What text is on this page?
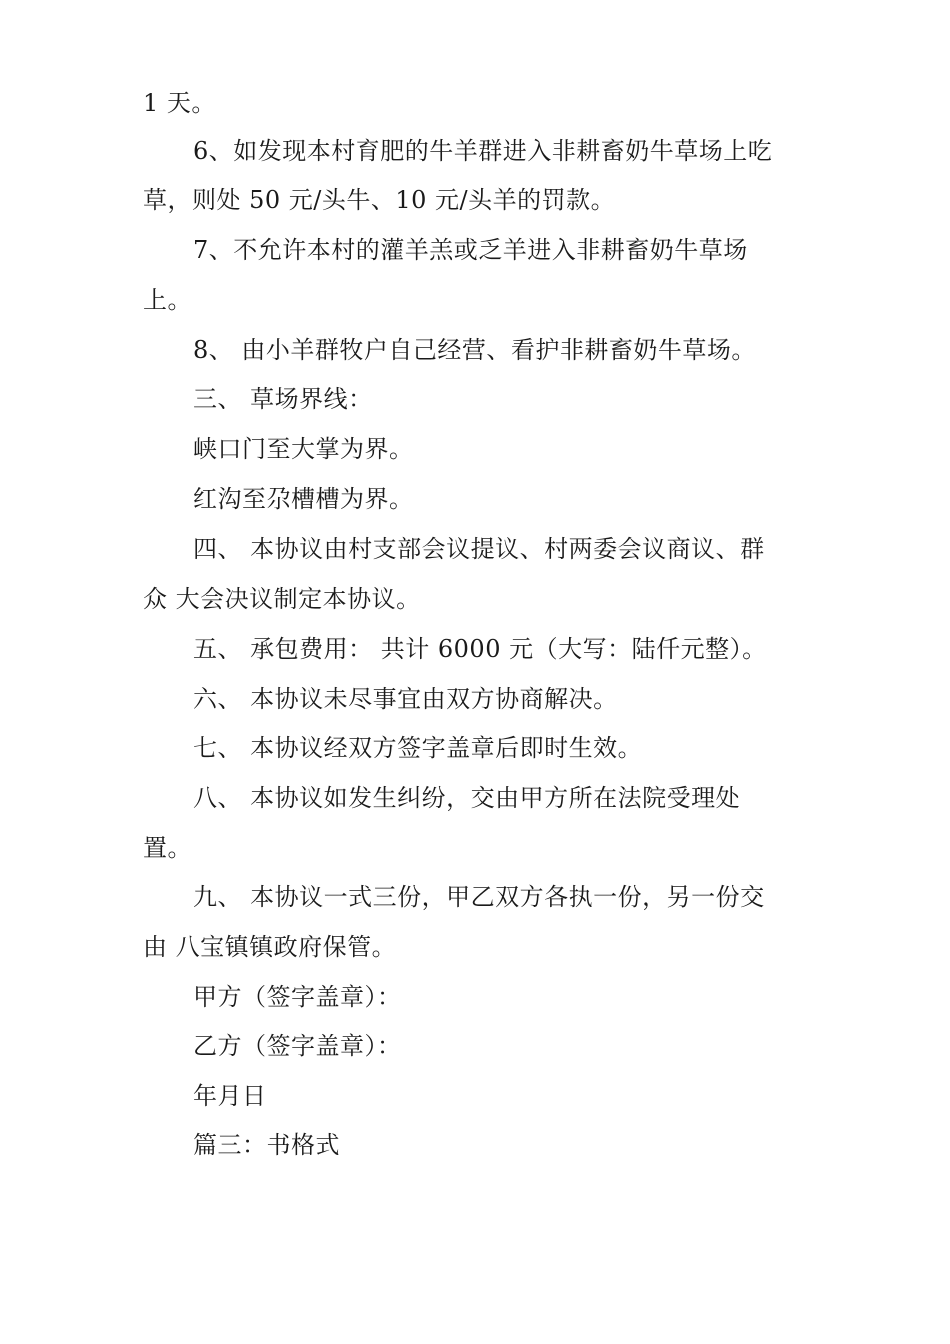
1 天。
6、如发现本村育肥的牛羊群进入非耕畜奶牛草场上吃
草，则处 50 元/头牛、10 元/头羊的罚款。
7、不允许本村的灌羊羔或乏羊进入非耕畜奶牛草场
上。
8、 由小羊群牧户自己经营、看护非耕畜奶牛草场。
三、 草场界线：
峡口门至大掌为界。
红沟至尕槽槽为界。
四、 本协议由村支部会议提议、村两委会议商议、群
众 大会决议制定本协议。
五、 承包费用： 共计 6000 元（大写：陆仟元整）。
六、 本协议未尽事宜由双方协商解决。
七、 本协议经双方签字盖章后即时生效。
八、 本协议如发生纠纷，交由甲方所在法院受理处
置。
九、 本协议一式三份，甲乙双方各执一份，另一份交
由 八宝镇镇政府保管。
甲方（签字盖章）：
乙方（签字盖章）：
年月日
篇三：书格式
